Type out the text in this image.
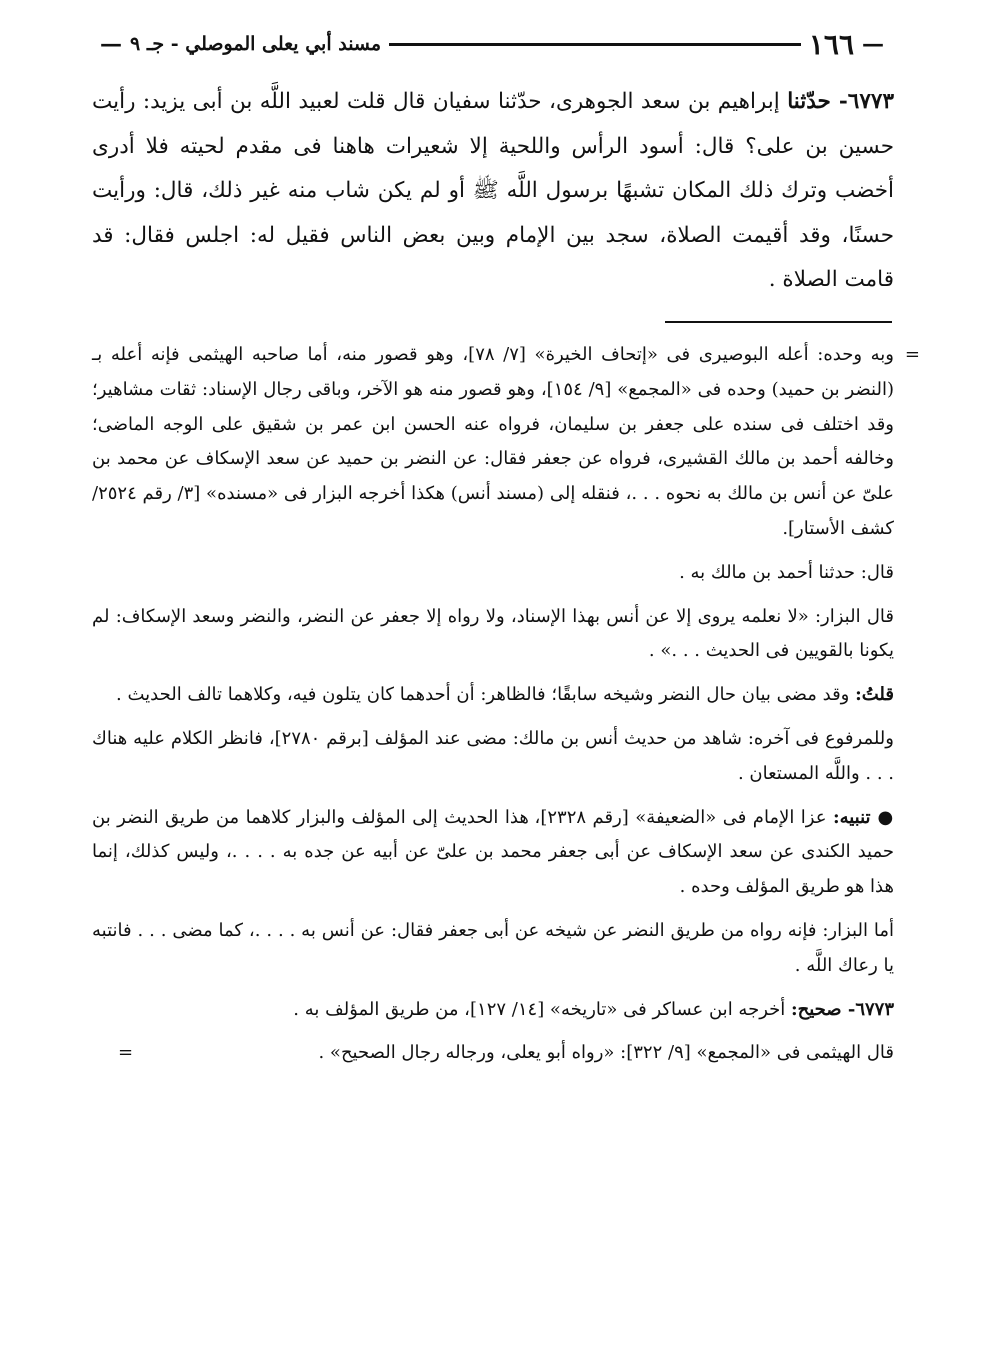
—
١٦٦
مسند أبي يعلى الموصلي - جـ ٩
—
٦٧٧٣- حدّثنا إبراهيم بن سعد الجوهرى، حدّثنا سفيان قال قلت لعبيد اللَّه بن أبى يزيد: رأيت حسين بن على؟ قال: أسود الرأس واللحية إلا شعيرات هاهنا فى مقدم لحيته فلا أدرى أخضب وترك ذلك المكان تشبهًا برسول اللَّه ﷺ أو لم يكن شاب منه غير ذلك، قال: ورأيت حسنًا، وقد أقيمت الصلاة، سجد بين الإمام وبين بعض الناس فقيل له: اجلس فقال: قد قامت الصلاة .

=
وبه وحده: أعله البوصيرى فى «إتحاف الخيرة» [٧/ ٧٨]، وهو قصور منه، أما صاحبه الهيثمى فإنه أعله بـ (النضر بن حميد) وحده فى «المجمع» [٩/ ١٥٤]، وهو قصور منه هو الآخر، وباقى رجال الإسناد: ثقات مشاهير؛ وقد اختلف فى سنده على جعفر بن سليمان، فرواه عنه الحسن ابن عمر بن شقيق على الوجه الماضى؛ وخالفه أحمد بن مالك القشيرى، فرواه عن جعفر فقال: عن النضر بن حميد عن سعد الإسكاف عن محمد بن علىّ عن أنس بن مالك به نحوه . . .، فنقله إلى (مسند أنس) هكذا أخرجه البزار فى «مسنده» [٣/ رقم ٢٥٢٤/ كشف الأستار].

قال: حدثنا أحمد بن مالك به .

قال البزار: «لا نعلمه يروى إلا عن أنس بهذا الإسناد، ولا رواه إلا جعفر عن النضر، والنضر وسعد الإسكاف: لم يكونا بالقويين فى الحديث . . .» .

قلتُ: وقد مضى بيان حال النضر وشيخه سابقًا؛ فالظاهر: أن أحدهما كان يتلون فيه، وكلاهما تالف الحديث .

وللمرفوع فى آخره: شاهد من حديث أنس بن مالك: مضى عند المؤلف [برقم ٢٧٨٠]، فانظر الكلام عليه هناك . . . واللَّه المستعان .

● تنبيه: عزا الإمام فى «الضعيفة» [رقم ٢٣٢٨]، هذا الحديث إلى المؤلف والبزار كلاهما من طريق النضر بن حميد الكندى عن سعد الإسكاف عن أبى جعفر محمد بن علىّ عن أبيه عن جده به . . . .، وليس كذلك، إنما هذا هو طريق المؤلف وحده .

أما البزار: فإنه رواه من طريق النضر عن شيخه عن أبى جعفر فقال: عن أنس به . . . .، كما مضى . . . فانتبه يا رعاك اللَّه .

٦٧٧٣- صحيح: أخرجه ابن عساكر فى «تاريخه» [١٤/ ١٢٧]، من طريق المؤلف به .

قال الهيثمى فى «المجمع» [٩/ ٣٢٢]: «رواه أبو يعلى، ورجاله رجال الصحيح» .
=
